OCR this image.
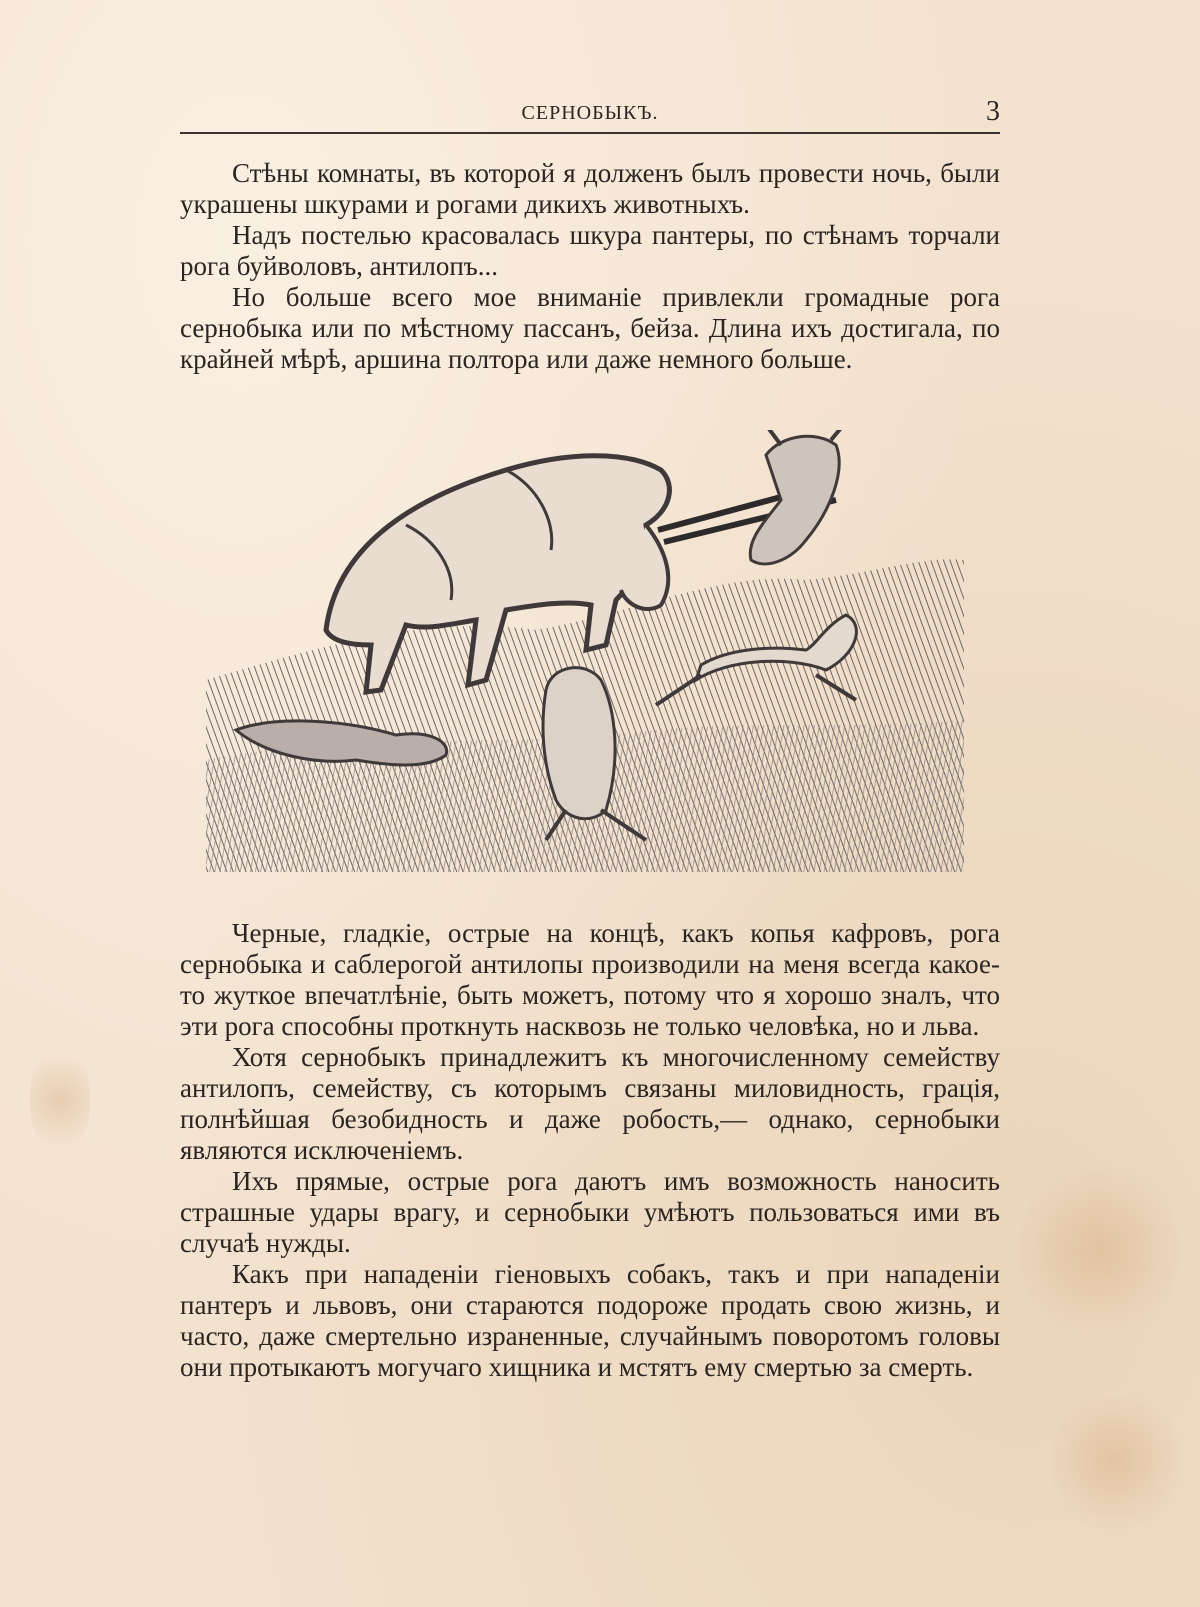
СЕРНОБЫКЪ.	3

Стѣны комнаты, въ которой я долженъ былъ провести ночь, были украшены шкурами и рогами дикихъ животныхъ.

Надъ постелью красовалась шкура пантеры, по стѣнамъ торчали рога буйволовъ, антилопъ...

Но больше всего мое вниманіе привлекли громадные рога сернобыка или по мѣстному пассанъ, бейза. Длина ихъ достигала, по крайней мѣрѣ, аршина полтора или даже немного больше.

Черные, гладкіе, острые на концѣ, какъ копья кафровъ, рога сернобыка и саблерогой антилопы производили на меня всегда какое-то жуткое впечатлѣніе, быть можетъ, потому что я хорошо зналъ, что эти рога способны проткнуть насквозь не только человѣка, но и льва.

Хотя сернобыкъ принадлежитъ къ многочисленному семейству антилопъ, семейству, съ которымъ связаны миловидность, грація, полнѣйшая безобидность и даже робость,— однако, сернобыки являются исключеніемъ.

Ихъ прямые, острые рога даютъ имъ возможность наносить страшные удары врагу, и сернобыки умѣютъ пользоваться ими въ случаѣ нужды.

Какъ при нападеніи гіеновыхъ собакъ, такъ и при нападеніи пантеръ и львовъ, они стараются подороже продать свою жизнь, и часто, даже смертельно израненные, случайнымъ поворотомъ головы они протыкаютъ могучаго хищника и мстятъ ему смертью за смерть.
